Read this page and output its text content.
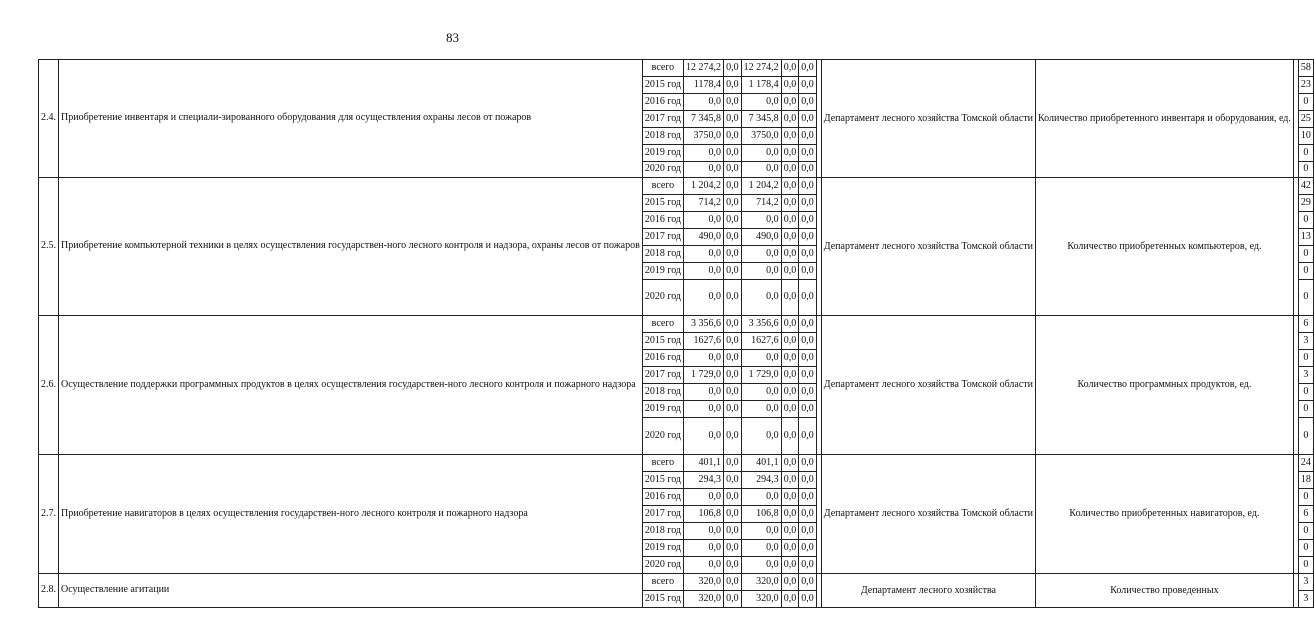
83
2.4.	Приобретение инвентаря и специали-зированного оборудования для осуществления охраны лесов от пожаров	всего	12 274,2	0,0	12 274,2	0,0	0,0		Департамент лесного хозяйства Томской области	Количество приобретенного инвентаря и оборудования, ед.		58
		2015 год	1178,4	0,0	1 178,4	0,0	0,0					23
		2016 год	0,0	0,0	0,0	0,0	0,0					0
		2017 год	7 345,8	0,0	7 345,8	0,0	0,0					25
		2018 год	3750,0	0,0	3750,0	0,0	0,0					10
		2019 год	0,0	0,0	0,0	0,0	0,0					0
		2020 год	0,0	0,0	0,0	0,0	0,0					0
2.5.	Приобретение компьютерной техники в целях осуществления государствен-ного лесного контроля и надзора, охраны лесов от пожаров	всего	1 204,2	0,0	1 204,2	0,0	0,0		Департамент лесного хозяйства Томской области	Количество приобретенных компьютеров, ед.		42
		2015 год	714,2	0,0	714,2	0,0	0,0					29
		2016 год	0,0	0,0	0,0	0,0	0,0					0
		2017 год	490,0	0,0	490,0	0,0	0,0					13
		2018 год	0,0	0,0	0,0	0,0	0,0					0
		2019 год	0,0	0,0	0,0	0,0	0,0					0
		2020 год	0,0	0,0	0,0	0,0	0,0					0
2.6.	Осуществление поддержки программных продуктов в целях осуществления государствен-ного лесного контроля и пожарного надзора	всего	3 356,6	0,0	3 356,6	0,0	0,0		Департамент лесного хозяйства Томской области	Количество программных продуктов, ед.		6
		2015 год	1627,6	0,0	1627,6	0,0	0,0					3
		2016 год	0,0	0,0	0,0	0,0	0,0					0
		2017 год	1 729,0	0,0	1 729,0	0,0	0,0					3
		2018 год	0,0	0,0	0,0	0,0	0,0					0
		2019 год	0,0	0,0	0,0	0,0	0,0					0
		2020 год	0,0	0,0	0,0	0,0	0,0					0
2.7.	Приобретение навигаторов в целях осуществления государствен-ного лесного контроля и пожарного надзора	всего	401,1	0,0	401,1	0,0	0,0		Департамент лесного хозяйства Томской области	Количество приобретенных навигаторов, ед.		24
		2015 год	294,3	0,0	294,3	0,0	0,0					18
		2016 год	0,0	0,0	0,0	0,0	0,0					0
		2017 год	106,8	0,0	106,8	0,0	0,0					6
		2018 год	0,0	0,0	0,0	0,0	0,0					0
		2019 год	0,0	0,0	0,0	0,0	0,0					0
		2020 год	0,0	0,0	0,0	0,0	0,0					0
2.8.	Осуществление агитации	всего	320,0	0,0	320,0	0,0	0,0		Департамент лесного хозяйства	Количество проведенных		3
		2015 год	320,0	0,0	320,0	0,0	0,0					3
